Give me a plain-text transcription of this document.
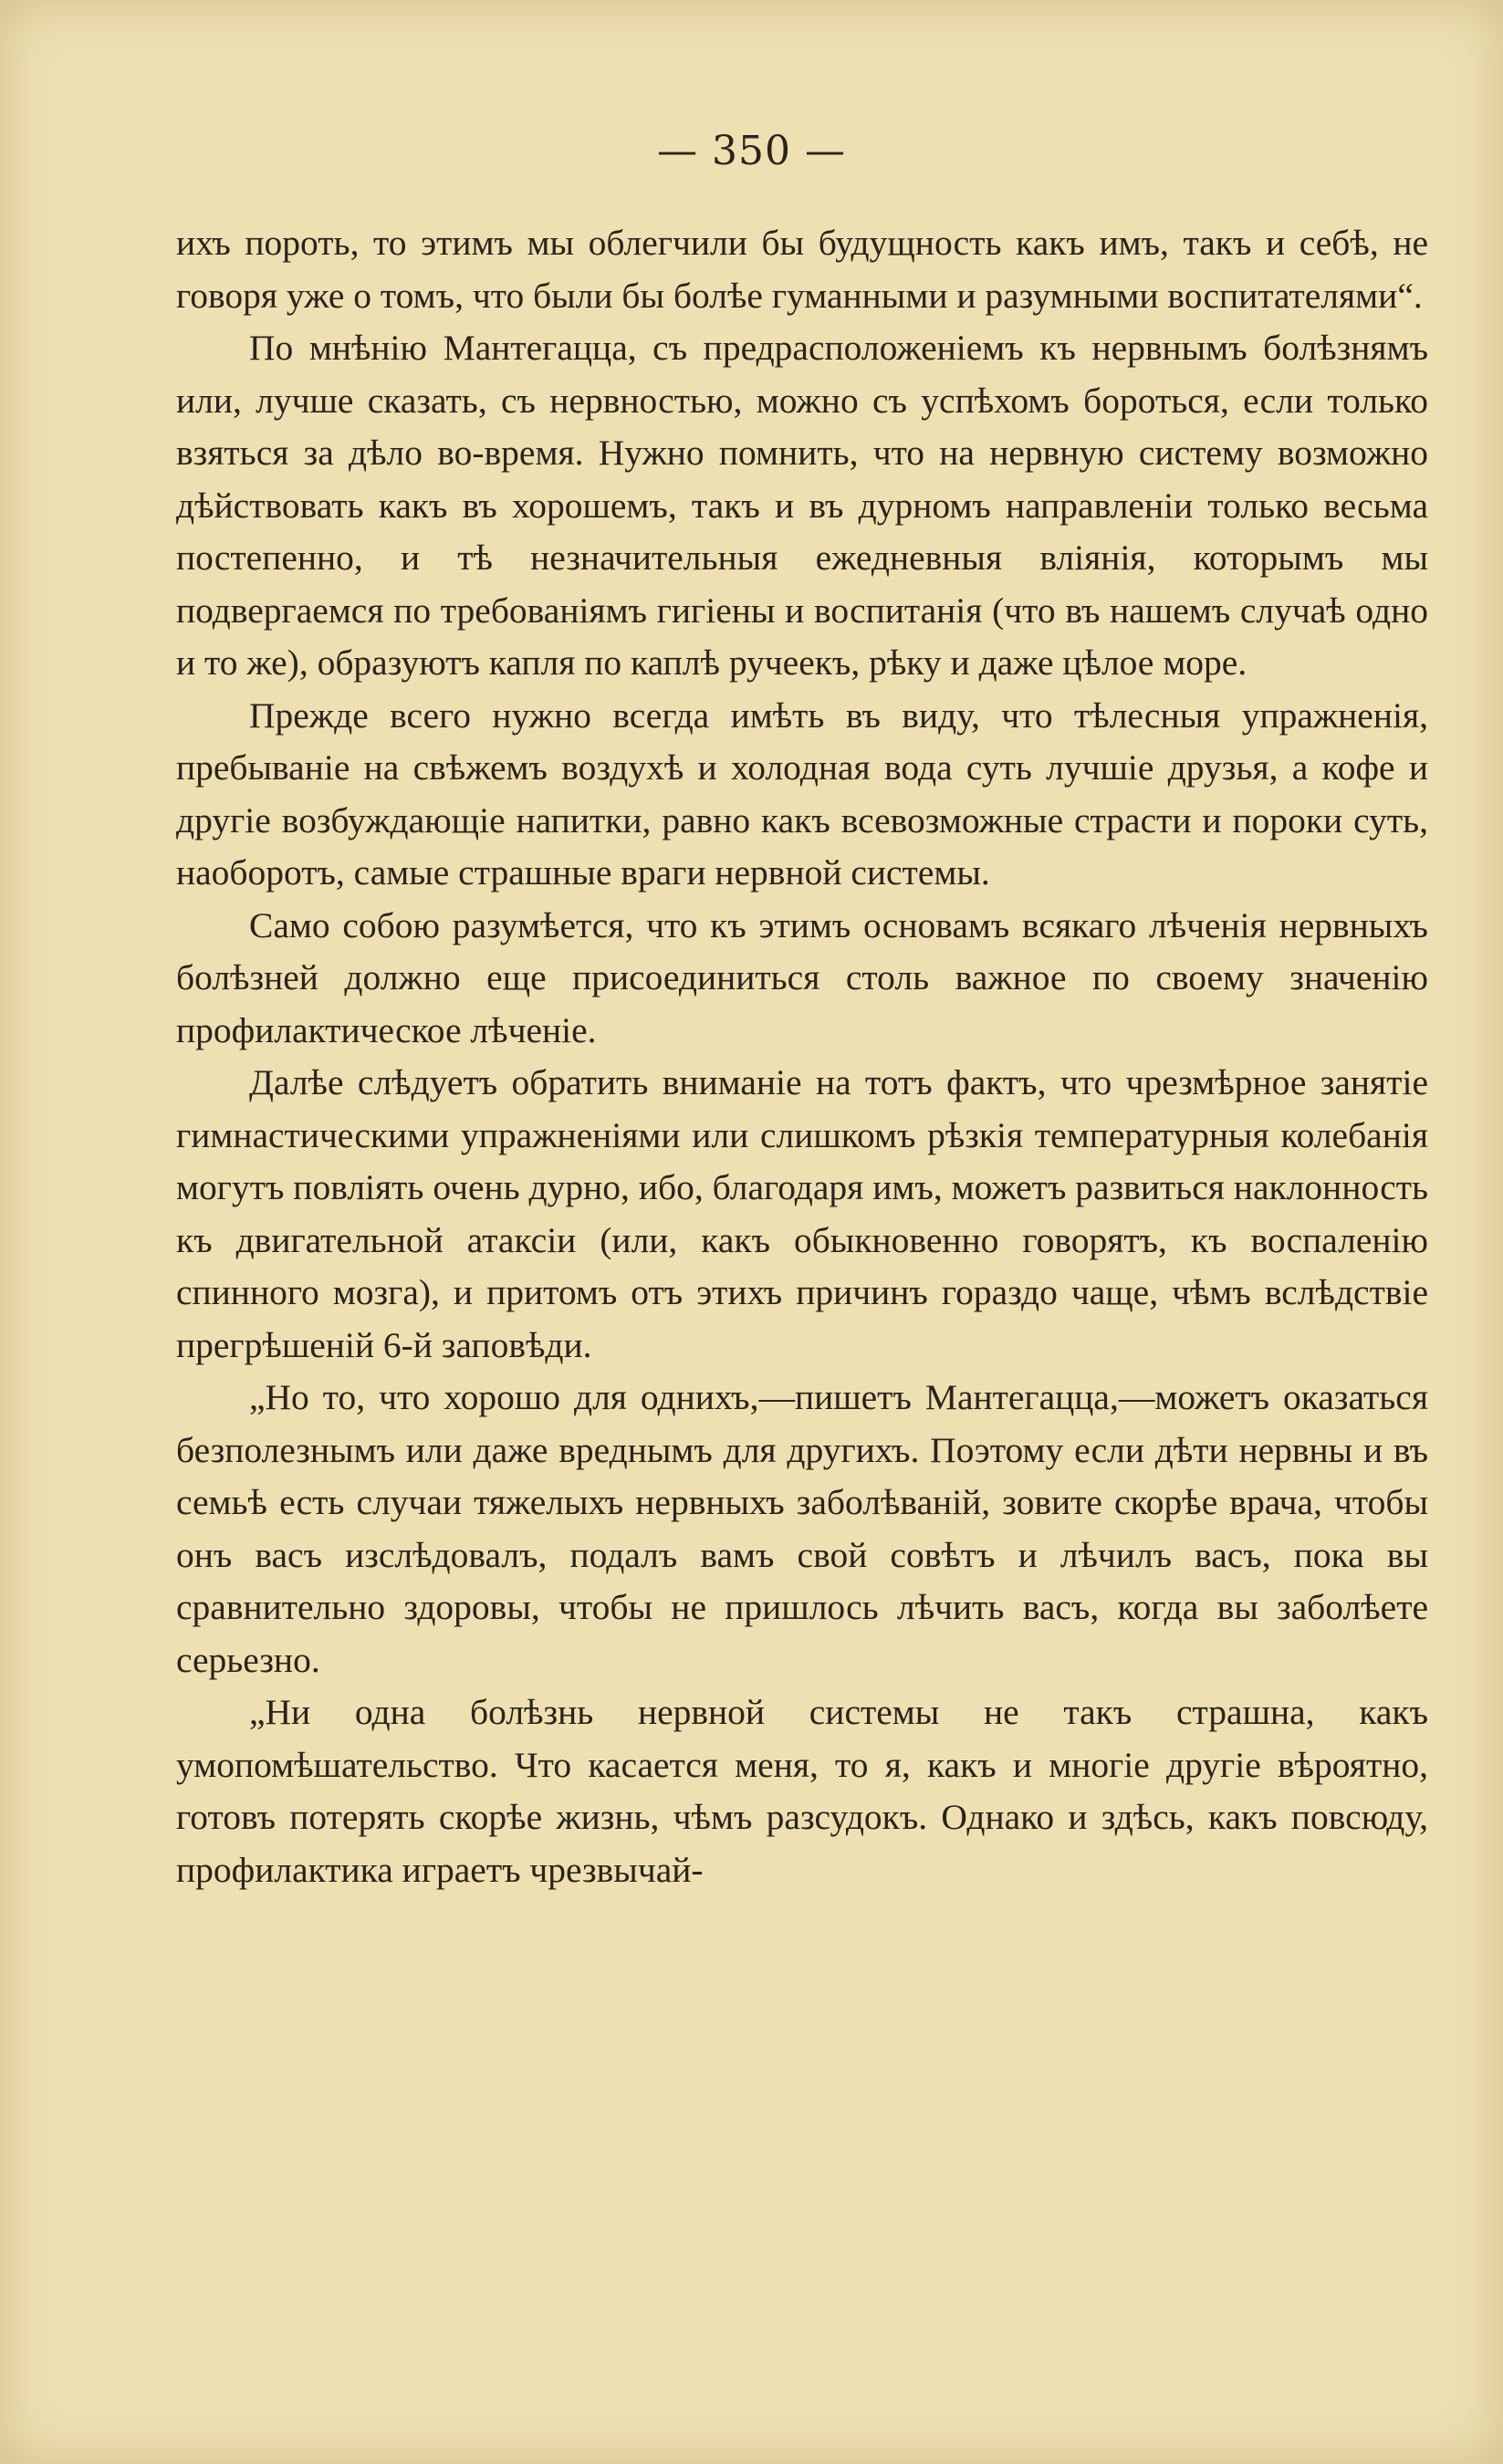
— 350 —

ихъ пороть, то этимъ мы облегчили бы будущность какъ имъ, такъ и себѣ, не говоря уже о томъ, что были бы болѣе гуманными и разумными воспитателями“.

По мнѣнію Мантегацца, съ предрасположеніемъ къ нервнымъ болѣзнямъ или, лучше сказать, съ нервностью, можно съ успѣхомъ бороться, если только взяться за дѣло во-время. Нужно помнить, что на нервную систему возможно дѣйствовать какъ въ хорошемъ, такъ и въ дурномъ направленіи только весьма постепенно, и тѣ незначительныя ежедневныя вліянія, которымъ мы подвергаемся по требованіямъ гигіены и воспитанія (что въ нашемъ случаѣ одно и то же), образуютъ капля по каплѣ ручеекъ, рѣку и даже цѣлое море.

Прежде всего нужно всегда имѣть въ виду, что тѣлесныя упражненія, пребываніе на свѣжемъ воздухѣ и холодная вода суть лучшіе друзья, а кофе и другіе возбуждающіе напитки, равно какъ всевозможные страсти и пороки суть, наоборотъ, самые страшные враги нервной системы.

Само собою разумѣется, что къ этимъ основамъ всякаго лѣченія нервныхъ болѣзней должно еще присоединиться столь важное по своему значенію профилактическое лѣченіе.

Далѣе слѣдуетъ обратить вниманіе на тотъ фактъ, что чрезмѣрное занятіе гимнастическими упражненіями или слишкомъ рѣзкія температурныя колебанія могутъ повліять очень дурно, ибо, благодаря имъ, можетъ развиться наклонность къ двигательной атаксіи (или, какъ обыкновенно говорятъ, къ воспаленію спинного мозга), и притомъ отъ этихъ причинъ гораздо чаще, чѣмъ вслѣдствіе прегрѣшеній 6-й заповѣди.

„Но то, что хорошо для однихъ,—пишетъ Мантегацца,—можетъ оказаться безполезнымъ или даже вреднымъ для другихъ. Поэтому если дѣти нервны и въ семьѣ есть случаи тяжелыхъ нервныхъ заболѣваній, зовите скорѣе врача, чтобы онъ васъ изслѣдовалъ, подалъ вамъ свой совѣтъ и лѣчилъ васъ, пока вы сравнительно здоровы, чтобы не пришлось лѣчить васъ, когда вы заболѣете серьезно.

„Ни одна болѣзнь нервной системы не такъ страшна, какъ умопомѣшательство. Что касается меня, то я, какъ и многіе другіе вѣроятно, готовъ потерять скорѣе жизнь, чѣмъ разсудокъ. Однако и здѣсь, какъ повсюду, профилактика играетъ чрезвычай-
